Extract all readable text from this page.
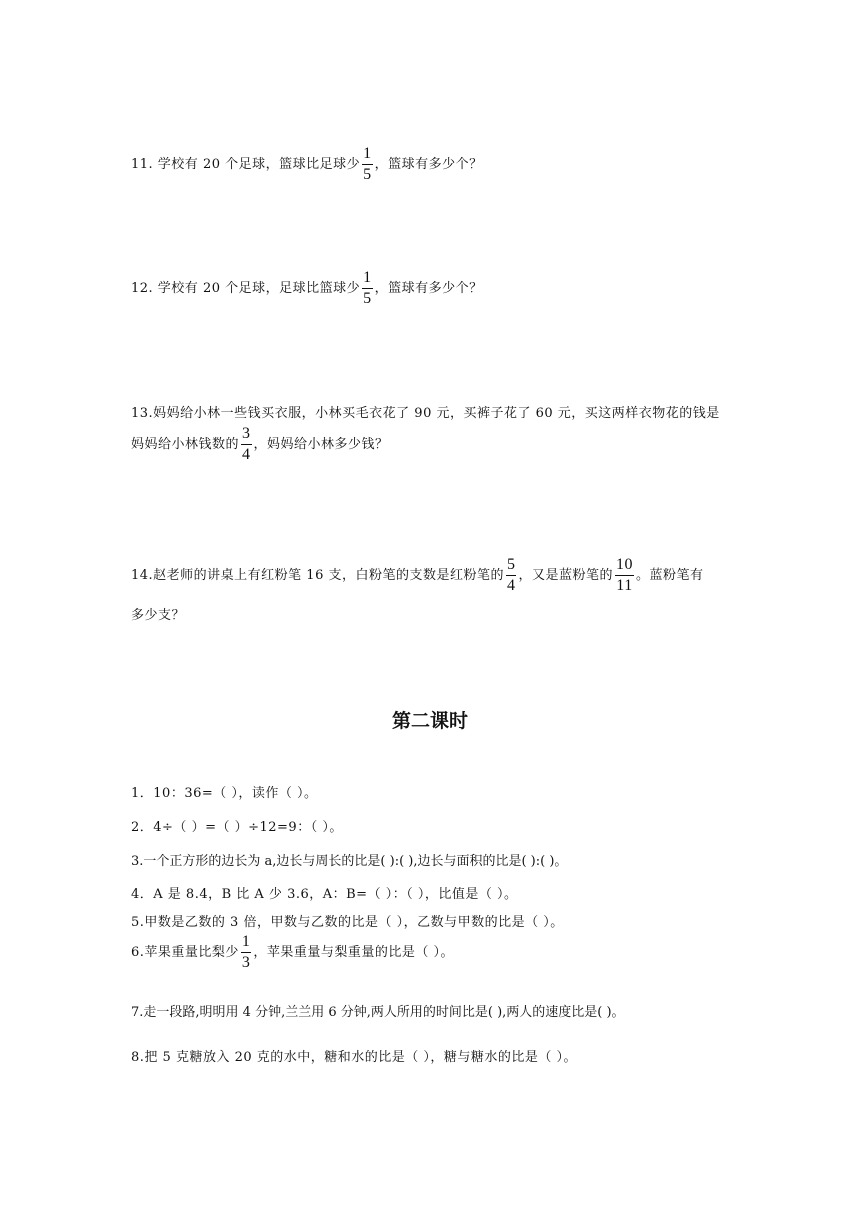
11. 学校有 20 个足球，篮球比足球少 $\frac{1}{5}$ ，篮球有多少个？
12. 学校有 20 个足球，足球比篮球少 $\frac{1}{5}$ ，篮球有多少个？
13.妈妈给小林一些钱买衣服，小林买毛衣花了 90 元，买裤子花了 60 元，买这两样衣物花的钱是
妈妈给小林钱数的 $\frac{3}{4}$ ，妈妈给小林多少钱？
14.赵老师的讲桌上有红粉笔 16 支，白粉笔的支数是红粉笔的 $\frac{5}{4}$ ，又是蓝粉笔的 $\frac{10}{11}$ 。蓝粉笔有
多少支？
第二课时
1．10：36=（ ），读作（ ）。
2．4÷（ ）=（ ）÷12=9：（ ）。
3.一个正方形的边长为 a,边长与周长的比是( ):( ),边长与面积的比是( ):( )。
4．A 是 8.4，B 比 A 少 3.6，A：B=（ ）：（ ），比值是（ ）。
5.甲数是乙数的 3 倍，甲数与乙数的比是（ ），乙数与甲数的比是（ ）。
6.苹果重量比梨少 $\frac{1}{3}$ ，苹果重量与梨重量的比是（ ）。
7.走一段路,明明用 4 分钟,兰兰用 6 分钟,两人所用的时间比是( ),两人的速度比是( )。
8.把 5 克糖放入 20 克的水中，糖和水的比是（ ），糖与糖水的比是（ ）。
